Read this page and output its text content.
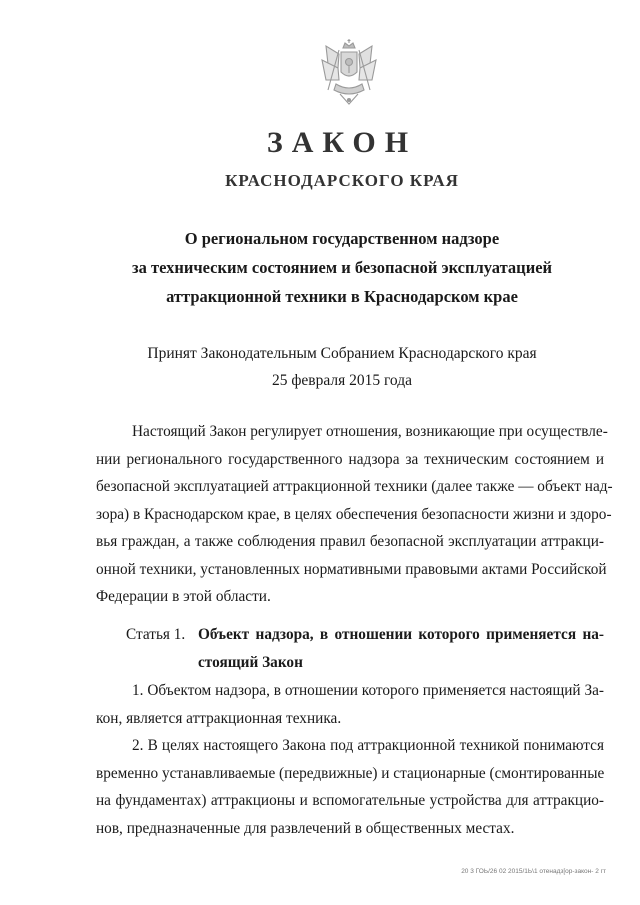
ЗАКОН
КРАСНОДАРСКОГО КРАЯ
О региональном государственном надзоре
за техническим состоянием и безопасной эксплуатацией
аттракционной техники в Краснодарском крае
Принят Законодательным Собранием Краснодарского края
25 февраля 2015 года
Настоящий Закон регулирует отношения, возникающие при осуществле-
нии регионального государственного надзора за техническим состоянием и
безопасной эксплуатацией аттракционной техники (далее также — объект над-
зора) в Краснодарском крае, в целях обеспечения безопасности жизни и здоро-
вья граждан, а также соблюдения правил безопасной эксплуатации аттракци-
онной техники, установленных нормативными правовыми актами Российской
Федерации в этой области.
Статья 1. Объект надзора, в отношении которого применяется на-
стоящий Закон
1. Объектом надзора, в отношении которого применяется настоящий За-
кон, является аттракционная техника.
2. В целях настоящего Закона под аттракционной техникой понимаются
временно устанавливаемые (передвижные) и стационарные (смонтированные
на фундаментах) аттракционы и вспомогательные устройства для аттракцио-
нов, предназначенные для развлечений в общественных местах.
20 3 ГОЬ/26 02 2015/1Ь\1 отенадз[ор-закон- 2 гт
